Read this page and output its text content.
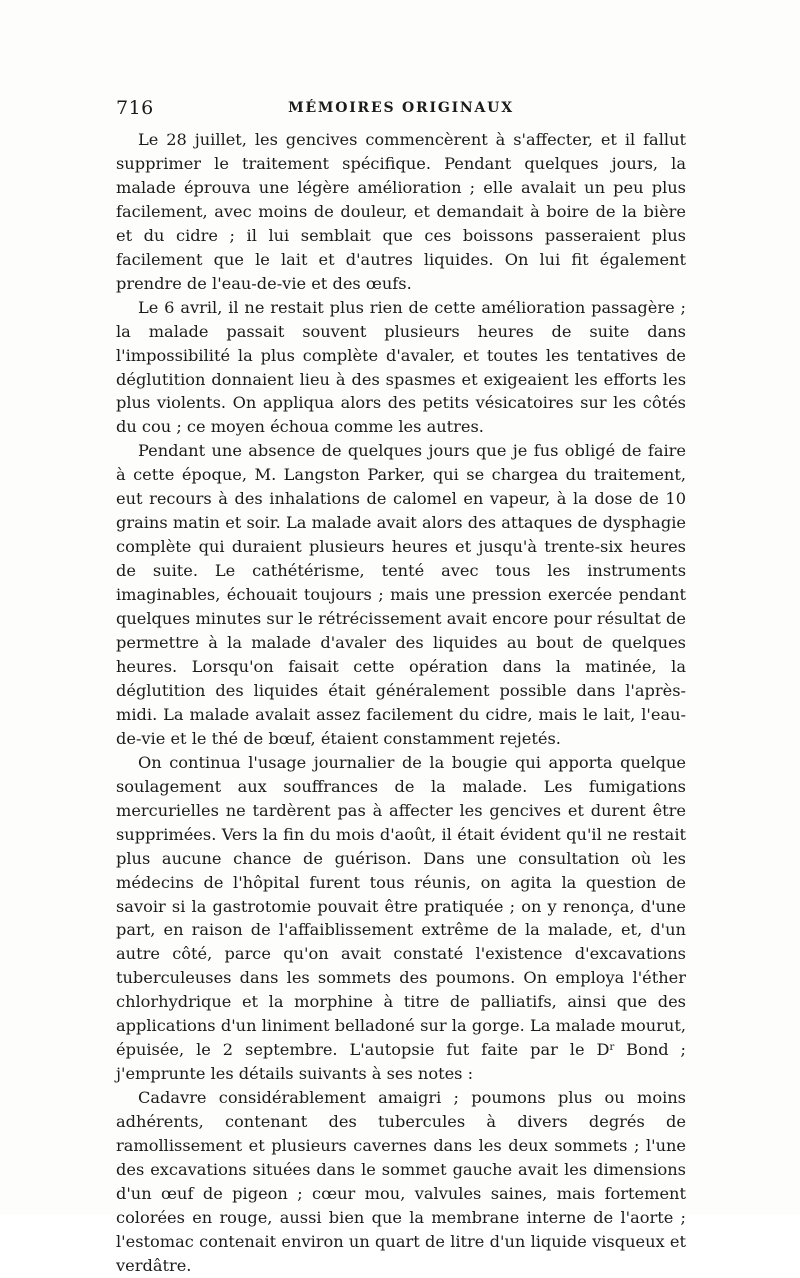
716	MÉMOIRES ORIGINAUX

Le 28 juillet, les gencives commencèrent à s'affecter, et il fallut supprimer le traitement spécifique. Pendant quelques jours, la malade éprouva une légère amélioration ; elle avalait un peu plus facilement, avec moins de douleur, et demandait à boire de la bière et du cidre ; il lui semblait que ces boissons passeraient plus facilement que le lait et d'autres liquides. On lui fit également prendre de l'eau-de-vie et des œufs.

Le 6 avril, il ne restait plus rien de cette amélioration passagère ; la malade passait souvent plusieurs heures de suite dans l'impossibilité la plus complète d'avaler, et toutes les tentatives de déglutition donnaient lieu à des spasmes et exigeaient les efforts les plus violents. On appliqua alors des petits vésicatoires sur les côtés du cou ; ce moyen échoua comme les autres.

Pendant une absence de quelques jours que je fus obligé de faire à cette époque, M. Langston Parker, qui se chargea du traitement, eut recours à des inhalations de calomel en vapeur, à la dose de 10 grains matin et soir. La malade avait alors des attaques de dysphagie complète qui duraient plusieurs heures et jusqu'à trente-six heures de suite. Le cathétérisme, tenté avec tous les instruments imaginables, échouait toujours ; mais une pression exercée pendant quelques minutes sur le rétrécissement avait encore pour résultat de permettre à la malade d'avaler des liquides au bout de quelques heures. Lorsqu'on faisait cette opération dans la matinée, la déglutition des liquides était généralement possible dans l'après-midi. La malade avalait assez facilement du cidre, mais le lait, l'eau-de-vie et le thé de bœuf, étaient constamment rejetés.

On continua l'usage journalier de la bougie qui apporta quelque soulagement aux souffrances de la malade. Les fumigations mercurielles ne tardèrent pas à affecter les gencives et durent être supprimées. Vers la fin du mois d'août, il était évident qu'il ne restait plus aucune chance de guérison. Dans une consultation où les médecins de l'hôpital furent tous réunis, on agita la question de savoir si la gastrotomie pouvait être pratiquée ; on y renonça, d'une part, en raison de l'affaiblissement extrême de la malade, et, d'un autre côté, parce qu'on avait constaté l'existence d'excavations tuberculeuses dans les sommets des poumons. On employa l'éther chlorhydrique et la morphine à titre de palliatifs, ainsi que des applications d'un liniment belladoné sur la gorge. La malade mourut, épuisée, le 2 septembre. L'autopsie fut faite par le $D^r$ Bond ; j'emprunte les détails suivants à ses notes :

Cadavre considérablement amaigri ; poumons plus ou moins adhérents, contenant des tubercules à divers degrés de ramollissement et plusieurs cavernes dans les deux sommets ; l'une des excavations situées dans le sommet gauche avait les dimensions d'un œuf de pigeon ; cœur mou, valvules saines, mais fortement colorées en rouge, aussi bien que la membrane interne de l'aorte ; l'estomac contenait environ un quart de litre d'un liquide visqueux et verdâtre.
